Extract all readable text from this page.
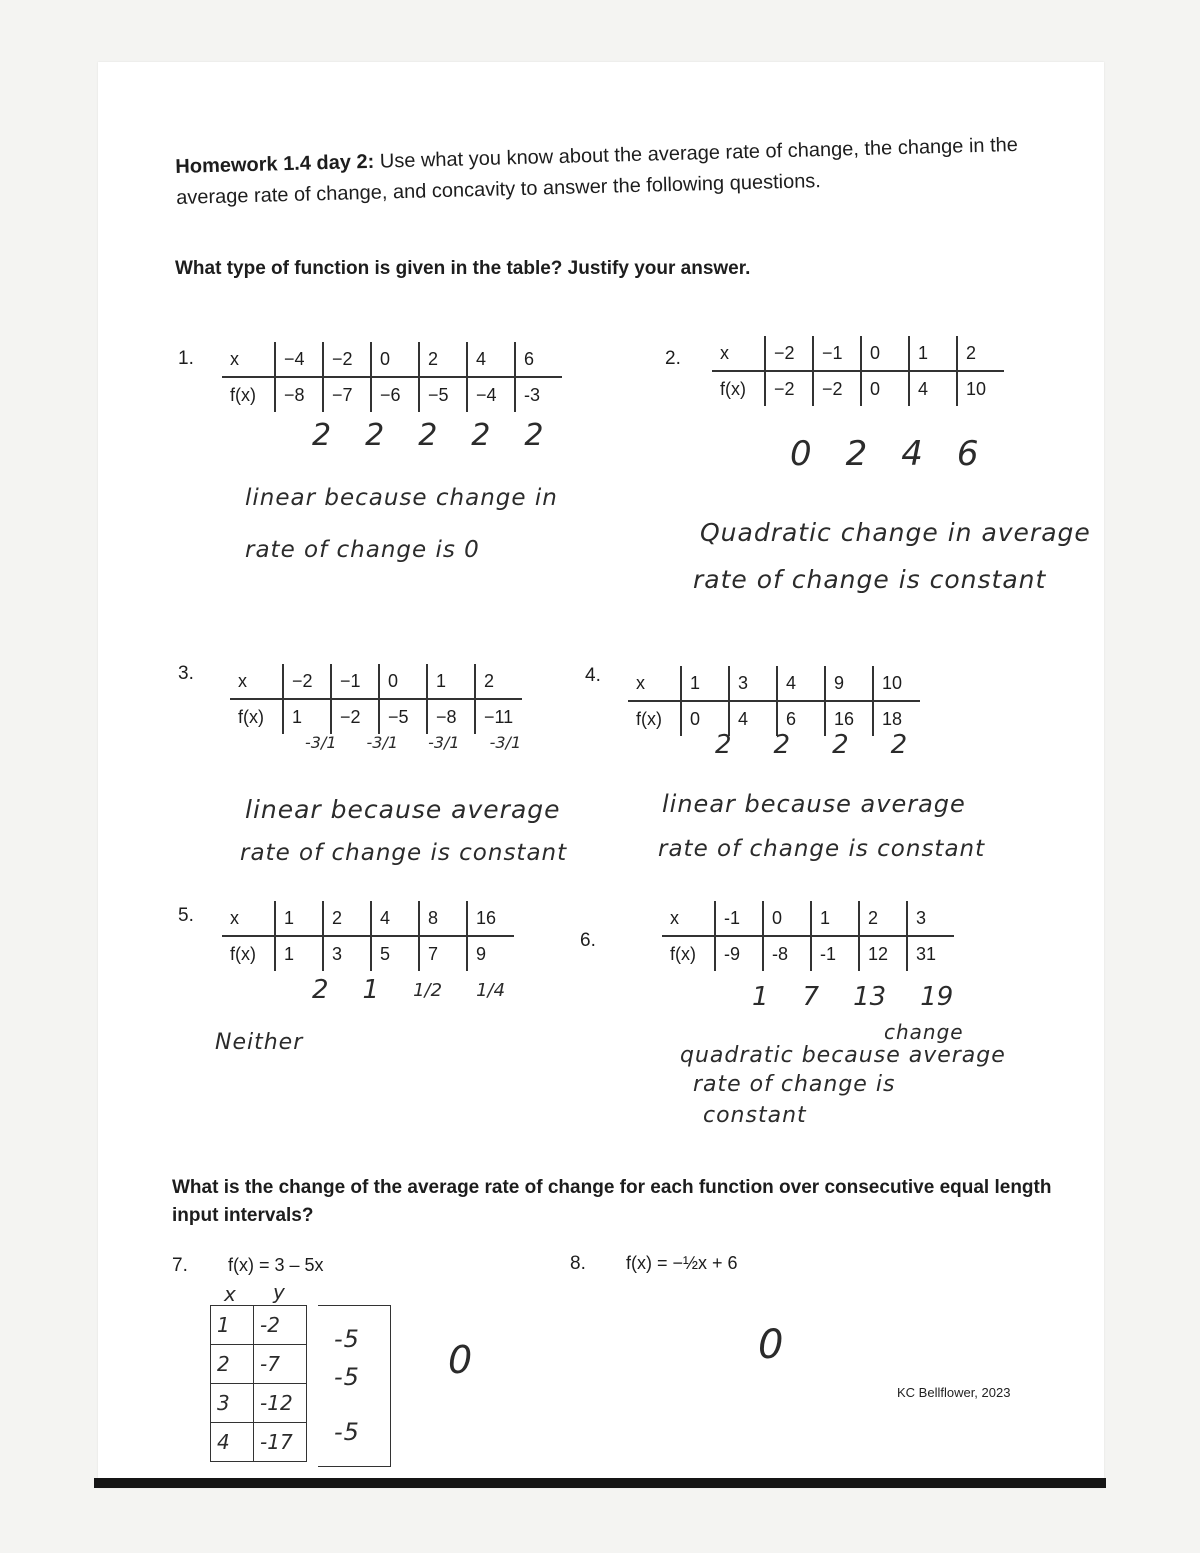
Homework 1.4 day 2: Use what you know about the average rate of change, the change in the average rate of change, and concavity to answer the following questions.
What type of function is given in the table? Justify your answer.
1. x	−4	−2	0	2	4	6
f(x)	−8	−7	−6	−5	−4	-3
2 2 2 2 2
linear because change in
rate of change is 0
2. x	−2	−1	0	1	2
f(x)	−2	−2	0	4	10
0 2 4 6
Quadratic change in average
rate of change is constant
3. x	−2	−1	0	1	2
f(x)	1	−2	−5	−8	−11
-3/1 -3/1 -3/1 -3/1
linear because average
rate of change is constant
4. x	1	3	4	9	10
f(x)	0	4	6	16	18
2 2 2 2
linear because average
rate of change is constant
5. x	1	2	4	8	16
f(x)	1	3	5	7	9
2 1 1/2 1/4
Neither
6.
x	-1	0	1	2	3
f(x)	-9	-8	-1	12	31
1 7 13 19
change
quadratic because average
rate of change is
constant
What is the change of the average rate of change for each function over consecutive equal length input intervals?
7. f(x) = 3 – 5x
x y
1	-2
2	-7
3	-12
4	-17
-5
-5
-5
0
8. f(x) = −½x + 6
0
KC Bellflower, 2023
